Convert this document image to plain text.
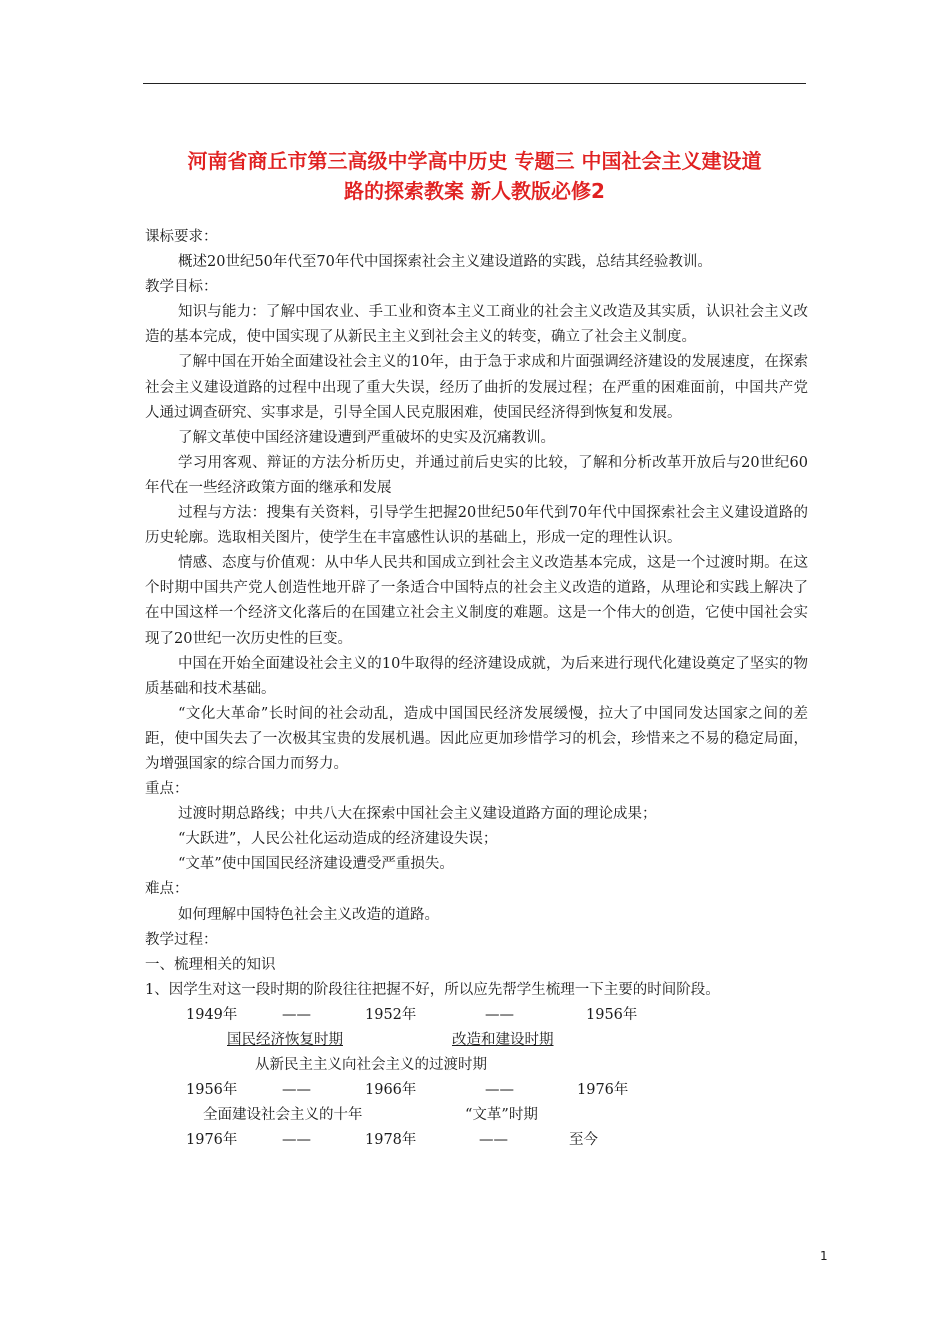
河南省商丘市第三高级中学高中历史 专题三 中国社会主义建设道
路的探索教案 新人教版必修2

课标要求：

概述20世纪50年代至70年代中国探索社会主义建设道路的实践，总结其经验教训。

教学目标：

知识与能力：了解中国农业、手工业和资本主义工商业的社会主义改造及其实质，认识社会主义改造的基本完成，使中国实现了从新民主主义到社会主义的转变，确立了社会主义制度。

了解中国在开始全面建设社会主义的10年，由于急于求成和片面强调经济建设的发展速度，在探索社会主义建设道路的过程中出现了重大失误，经历了曲折的发展过程；在严重的困难面前，中国共产党人通过调查研究、实事求是，引导全国人民克服困难，使国民经济得到恢复和发展。

了解文革使中国经济建设遭到严重破坏的史实及沉痛教训。

学习用客观、辩证的方法分析历史，并通过前后史实的比较，了解和分析改革开放后与20世纪60年代在一些经济政策方面的继承和发展

过程与方法：搜集有关资料，引导学生把握20世纪50年代到70年代中国探索社会主义建设道路的历史轮廓。选取相关图片，使学生在丰富感性认识的基础上，形成一定的理性认识。

情感、态度与价值观：从中华人民共和国成立到社会主义改造基本完成，这是一个过渡时期。在这个时期中国共产党人创造性地开辟了一条适合中国特点的社会主义改造的道路，从理论和实践上解决了在中国这样一个经济文化落后的在国建立社会主义制度的难题。这是一个伟大的创造，它使中国社会实现了20世纪一次历史性的巨变。

中国在开始全面建设社会主义的10牛取得的经济建设成就，为后来进行现代化建设奠定了坚实的物质基础和技术基础。

“文化大革命”长时间的社会动乱，造成中国国民经济发展缓慢，拉大了中国同发达国家之间的差距，使中国失去了一次极其宝贵的发展机遇。因此应更加珍惜学习的机会，珍惜来之不易的稳定局面，为增强国家的综合国力而努力。

重点：

过渡时期总路线；中共八大在探索中国社会主义建设道路方面的理论成果；

“大跃进”，人民公社化运动造成的经济建设失误；

“文革”使中国国民经济建设遭受严重损失。

难点：

如何理解中国特色社会主义改造的道路。

教学过程：

一、梳理相关的知识

1、因学生对这一段时期的阶段往往把握不好，所以应先帮学生梳理一下主要的时间阶段。

1949年	——	1952年	——	1956年
国民经济恢复时期	改造和建设时期
从新民主主义向社会主义的过渡时期
1956年	——	1966年	——	1976年
全面建设社会主义的十年	“文革”时期
1976年	——	1978年	——	至今
1
